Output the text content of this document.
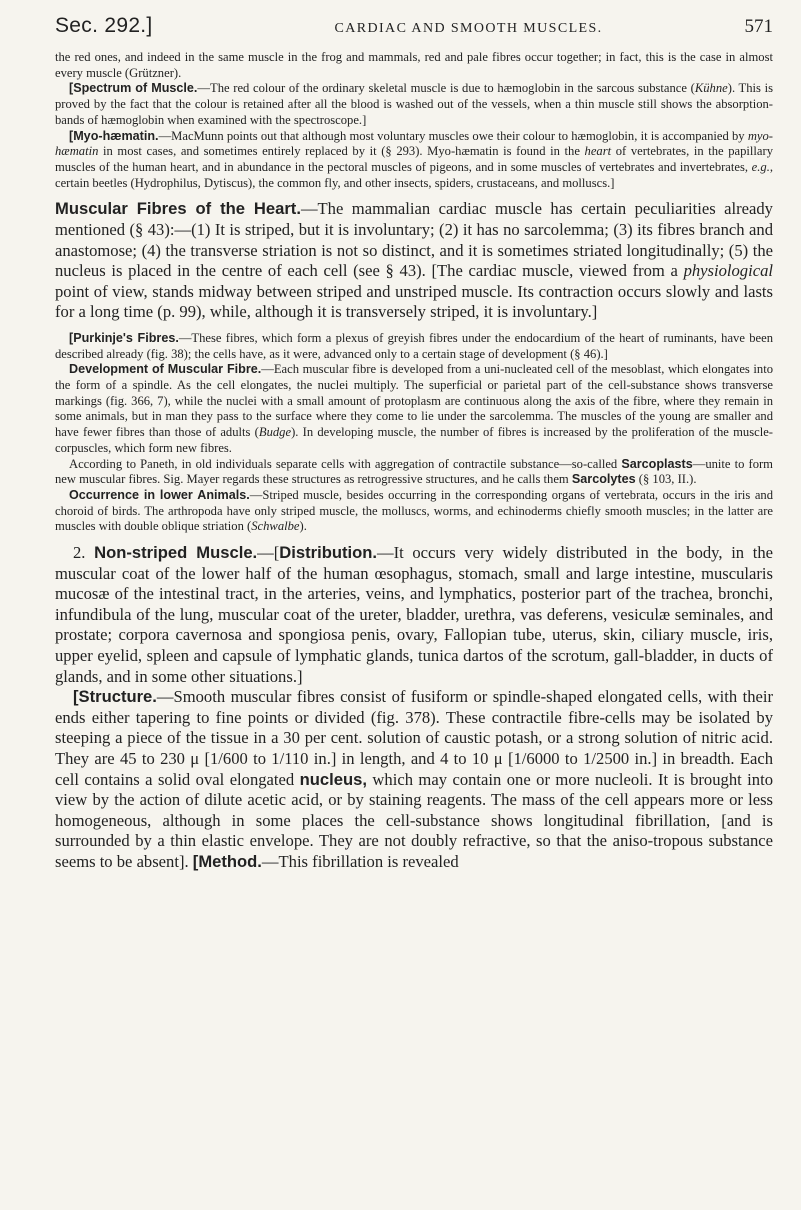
Sec. 292.]	CARDIAC AND SMOOTH MUSCLES.	571

the red ones, and indeed in the same muscle in the frog and mammals, red and pale fibres occur together; in fact, this is the case in almost every muscle (Grützner).

[Spectrum of Muscle.—The red colour of the ordinary skeletal muscle is due to hæmoglobin in the sarcous substance (Kühne). This is proved by the fact that the colour is retained after all the blood is washed out of the vessels, when a thin muscle still shows the absorption-bands of hæmoglobin when examined with the spectroscope.]

[Myo-hæmatin.—MacMunn points out that although most voluntary muscles owe their colour to hæmoglobin, it is accompanied by myo-hæmatin in most cases, and sometimes entirely replaced by it (§ 293). Myo-hæmatin is found in the heart of vertebrates, in the papillary muscles of the human heart, and in abundance in the pectoral muscles of pigeons, and in some muscles of vertebrates and invertebrates, e.g., certain beetles (Hydrophilus, Dytiscus), the common fly, and other insects, spiders, crustaceans, and molluscs.]

Muscular Fibres of the Heart.—The mammalian cardiac muscle has certain peculiarities already mentioned (§ 43):—(1) It is striped, but it is involuntary; (2) it has no sarcolemma; (3) its fibres branch and anastomose; (4) the transverse striation is not so distinct, and it is sometimes striated longitudinally; (5) the nucleus is placed in the centre of each cell (see § 43). [The cardiac muscle, viewed from a physiological point of view, stands midway between striped and unstriped muscle. Its contraction occurs slowly and lasts for a long time (p. 99), while, although it is transversely striped, it is involuntary.]

[Purkinje's Fibres.—These fibres, which form a plexus of greyish fibres under the endocardium of the heart of ruminants, have been described already (fig. 38); the cells have, as it were, advanced only to a certain stage of development (§ 46).]

Development of Muscular Fibre.—Each muscular fibre is developed from a uni-nucleated cell of the mesoblast, which elongates into the form of a spindle. As the cell elongates, the nuclei multiply. The superficial or parietal part of the cell-substance shows transverse markings (fig. 366, 7), while the nuclei with a small amount of protoplasm are continuous along the axis of the fibre, where they remain in some animals, but in man they pass to the surface where they come to lie under the sarcolemma. The muscles of the young are smaller and have fewer fibres than those of adults (Budge). In developing muscle, the number of fibres is increased by the proliferation of the muscle-corpuscles, which form new fibres.

According to Paneth, in old individuals separate cells with aggregation of contractile substance—so-called Sarcoplasts—unite to form new muscular fibres. Sig. Mayer regards these structures as retrogressive structures, and he calls them Sarcolytes (§ 103, II.).

Occurrence in lower Animals.—Striped muscle, besides occurring in the corresponding organs of vertebrata, occurs in the iris and choroid of birds. The arthropoda have only striped muscle, the molluscs, worms, and echinoderms chiefly smooth muscles; in the latter are muscles with double oblique striation (Schwalbe).

2. Non-striped Muscle.—[Distribution.—It occurs very widely distributed in the body, in the muscular coat of the lower half of the human œsophagus, stomach, small and large intestine, muscularis mucosæ of the intestinal tract, in the arteries, veins, and lymphatics, posterior part of the trachea, bronchi, infundibula of the lung, muscular coat of the ureter, bladder, urethra, vas deferens, vesiculæ seminales, and prostate; corpora cavernosa and spongiosa penis, ovary, Fallopian tube, uterus, skin, ciliary muscle, iris, upper eyelid, spleen and capsule of lymphatic glands, tunica dartos of the scrotum, gall-bladder, in ducts of glands, and in some other situations.]

[Structure.—Smooth muscular fibres consist of fusiform or spindle-shaped elongated cells, with their ends either tapering to fine points or divided (fig. 378). These contractile fibre-cells may be isolated by steeping a piece of the tissue in a 30 per cent. solution of caustic potash, or a strong solution of nitric acid. They are 45 to 230 μ [1/600 to 1/110 in.] in length, and 4 to 10 μ [1/6000 to 1/2500 in.] in breadth. Each cell contains a solid oval elongated nucleus, which may contain one or more nucleoli. It is brought into view by the action of dilute acetic acid, or by staining reagents. The mass of the cell appears more or less homogeneous, although in some places the cell-substance shows longitudinal fibrillation, [and is surrounded by a thin elastic envelope. They are not doubly refractive, so that the aniso-tropous substance seems to be absent]. [Method.—This fibrillation is revealed
